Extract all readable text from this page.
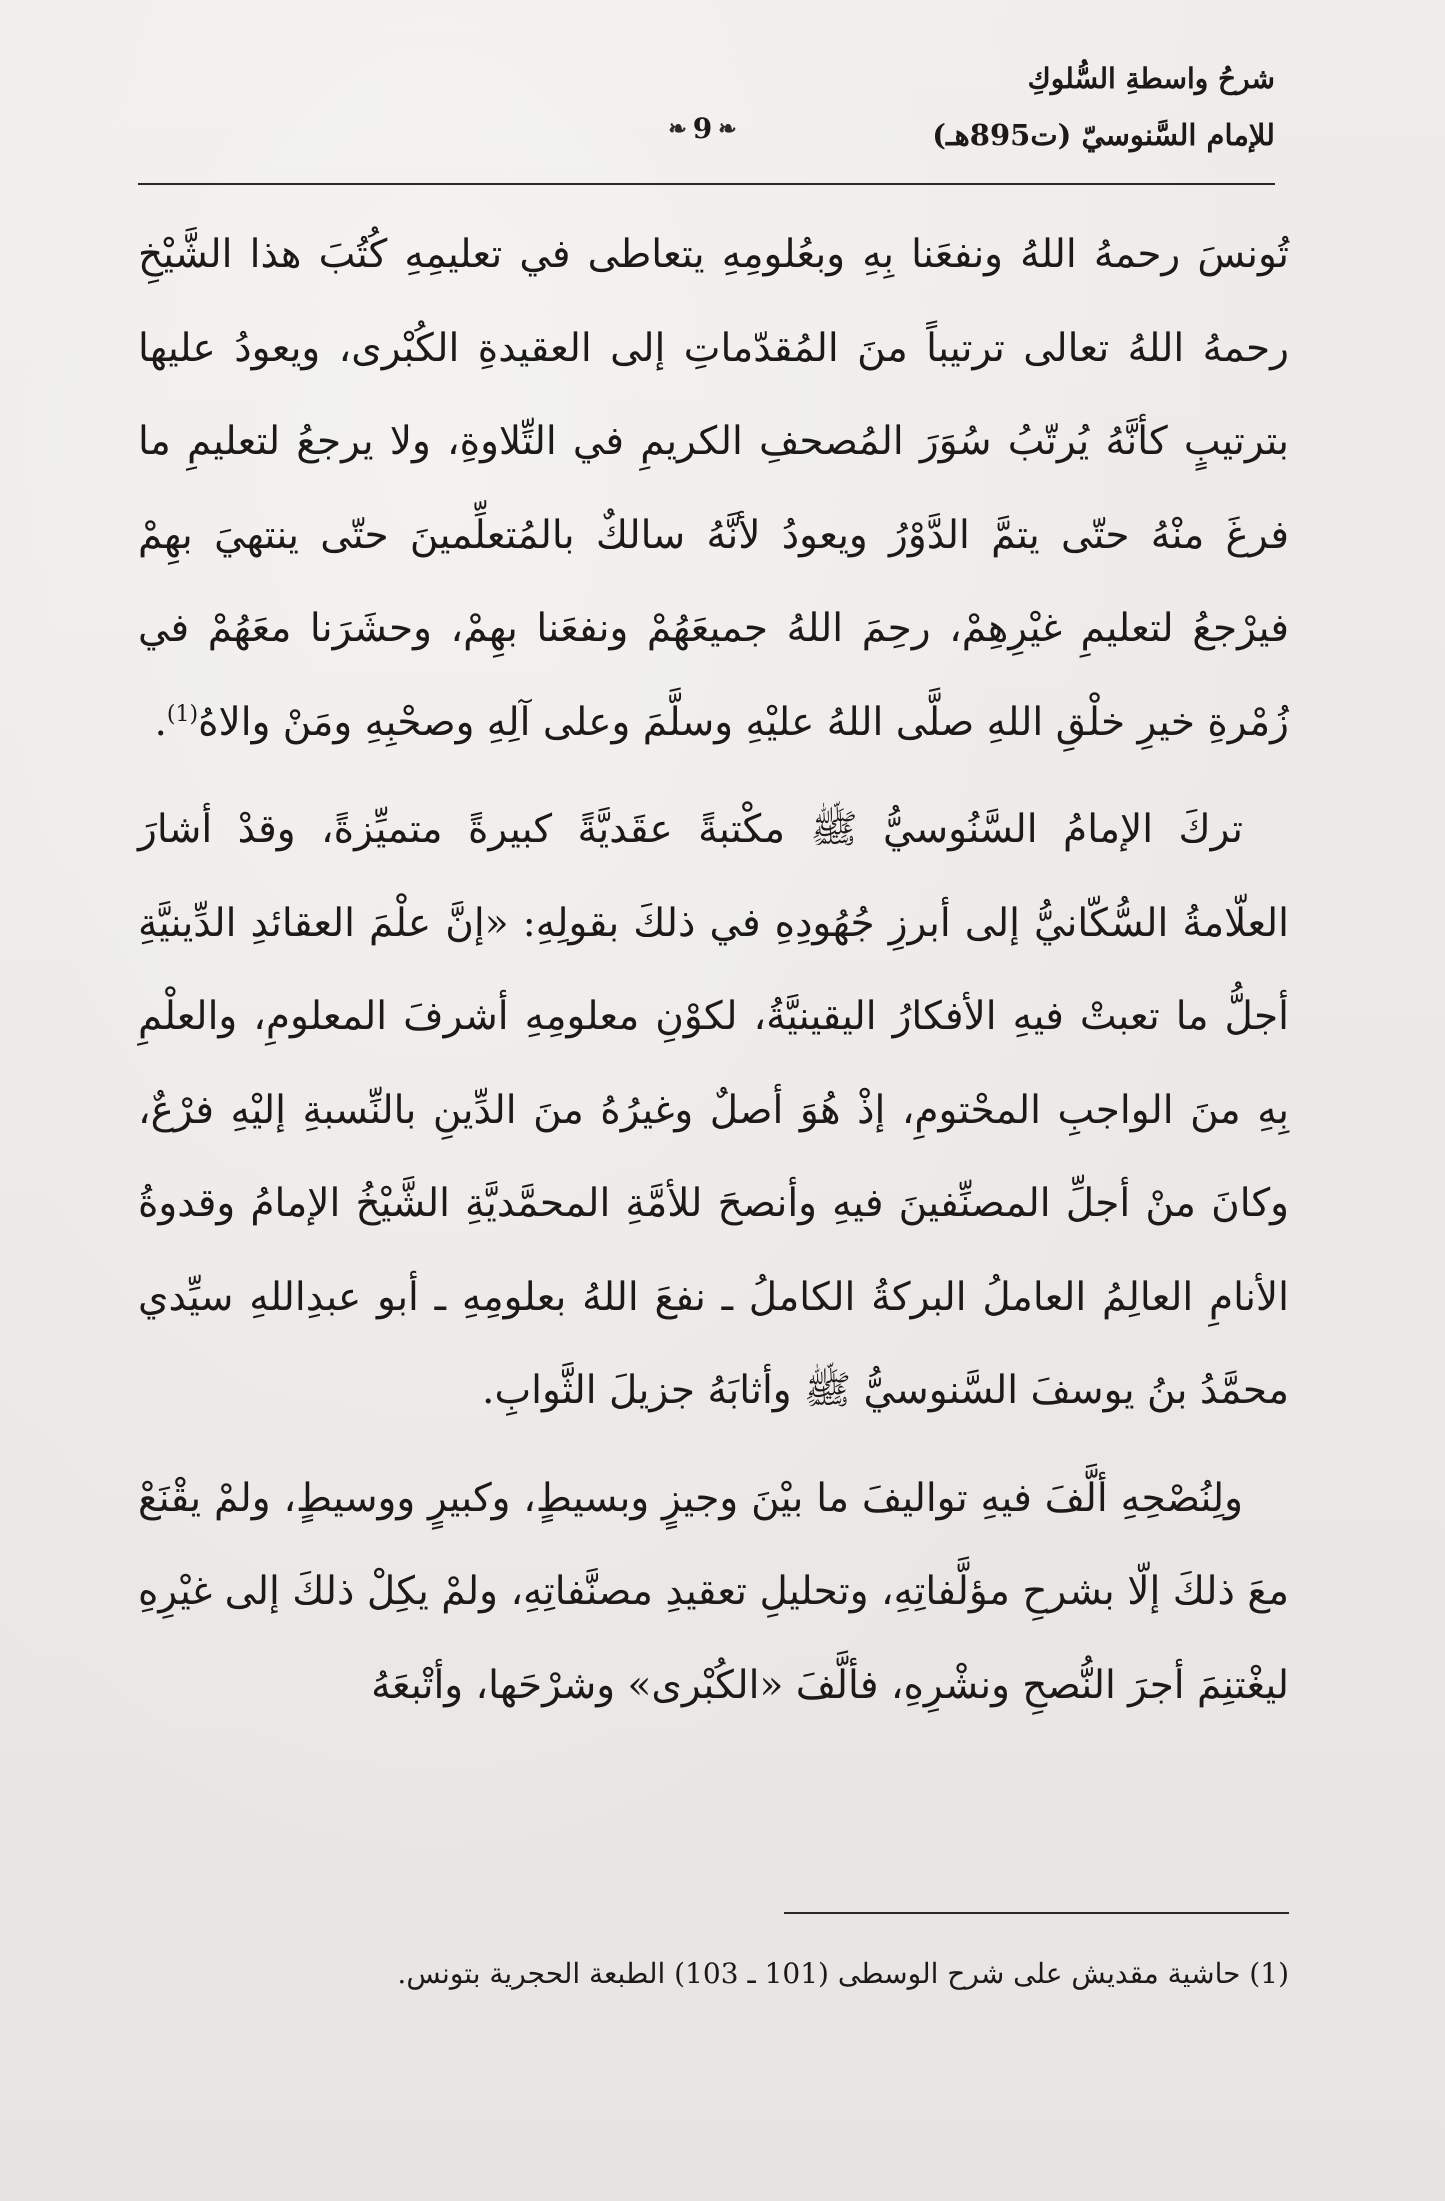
شرحُ واسطةِ السُّلوكِ
❧
9
❧	للإمام السَّنوسيّ (ت895هـ)

تُونسَ رحمهُ اللهُ ونفعَنا بِهِ وبعُلومِهِ يتعاطى في تعليمِهِ كُتُبَ هذا الشَّيْخِ رحمهُ اللهُ تعالى ترتيباً منَ المُقدّماتِ إلى العقيدةِ الكُبْرى، ويعودُ عليها بترتيبٍ كأنَّهُ يُرتّبُ سُوَرَ المُصحفِ الكريمِ في التِّلاوةِ، ولا يرجعُ لتعليمِ ما فرغَ منْهُ حتّى يتمَّ الدَّوْرُ ويعودُ لأنَّهُ سالكٌ بالمُتعلِّمينَ حتّى ينتهيَ بهِمْ فيرْجعُ لتعليمِ غيْرِهِمْ، رحِمَ اللهُ جميعَهُمْ ونفعَنا بهِمْ، وحشَرَنا معَهُمْ في زُمْرةِ خيرِ خلْقِ اللهِ صلَّى اللهُ عليْهِ وسلَّمَ وعلى آلِهِ وصحْبِهِ ومَنْ والاهُ$^{(1)}$.

تركَ الإمامُ السَّنُوسيُّ ﷺ مكْتبةً عقَديَّةً كبيرةً متميِّزةً، وقدْ أشارَ العلّامةُ السُّكّانيُّ إلى أبرزِ جُهُودِهِ في ذلكَ بقولِهِ: «إنَّ علْمَ العقائدِ الدِّينيَّةِ أجلُّ ما تعبتْ فيهِ الأفكارُ اليقينيَّةُ، لكوْنِ معلومِهِ أشرفَ المعلومِ، والعلْمِ بِهِ منَ الواجبِ المحْتومِ، إذْ هُوَ أصلٌ وغيرُهُ منَ الدِّينِ بالنِّسبةِ إليْهِ فرْعٌ، وكانَ منْ أجلِّ المصنِّفينَ فيهِ وأنصحَ للأمَّةِ المحمَّديَّةِ الشَّيْخُ الإمامُ وقدوةُ الأنامِ العالِمُ العاملُ البركةُ الكاملُ ـ نفعَ اللهُ بعلومِهِ ـ أبو عبدِاللهِ سيِّدي محمَّدُ بنُ يوسفَ السَّنوسيُّ ﷺ وأثابَهُ جزيلَ الثَّوابِ.

ولِنُصْحِهِ ألَّفَ فيهِ تواليفَ ما بيْنَ وجيزٍ وبسيطٍ، وكبيرٍ ووسيطٍ، ولمْ يقْنَعْ معَ ذلكَ إلّا بشرحِ مؤلَّفاتِهِ، وتحليلِ تعقيدِ مصنَّفاتِهِ، ولمْ يكِلْ ذلكَ إلى غيْرِهِ ليغْتنِمَ أجرَ النُّصحِ ونشْرِهِ، فألَّفَ «الكُبْرى» وشرْحَها، وأتْبعَهُ

(1) حاشية مقديش على شرح الوسطى (101 ـ 103) الطبعة الحجرية بتونس.
